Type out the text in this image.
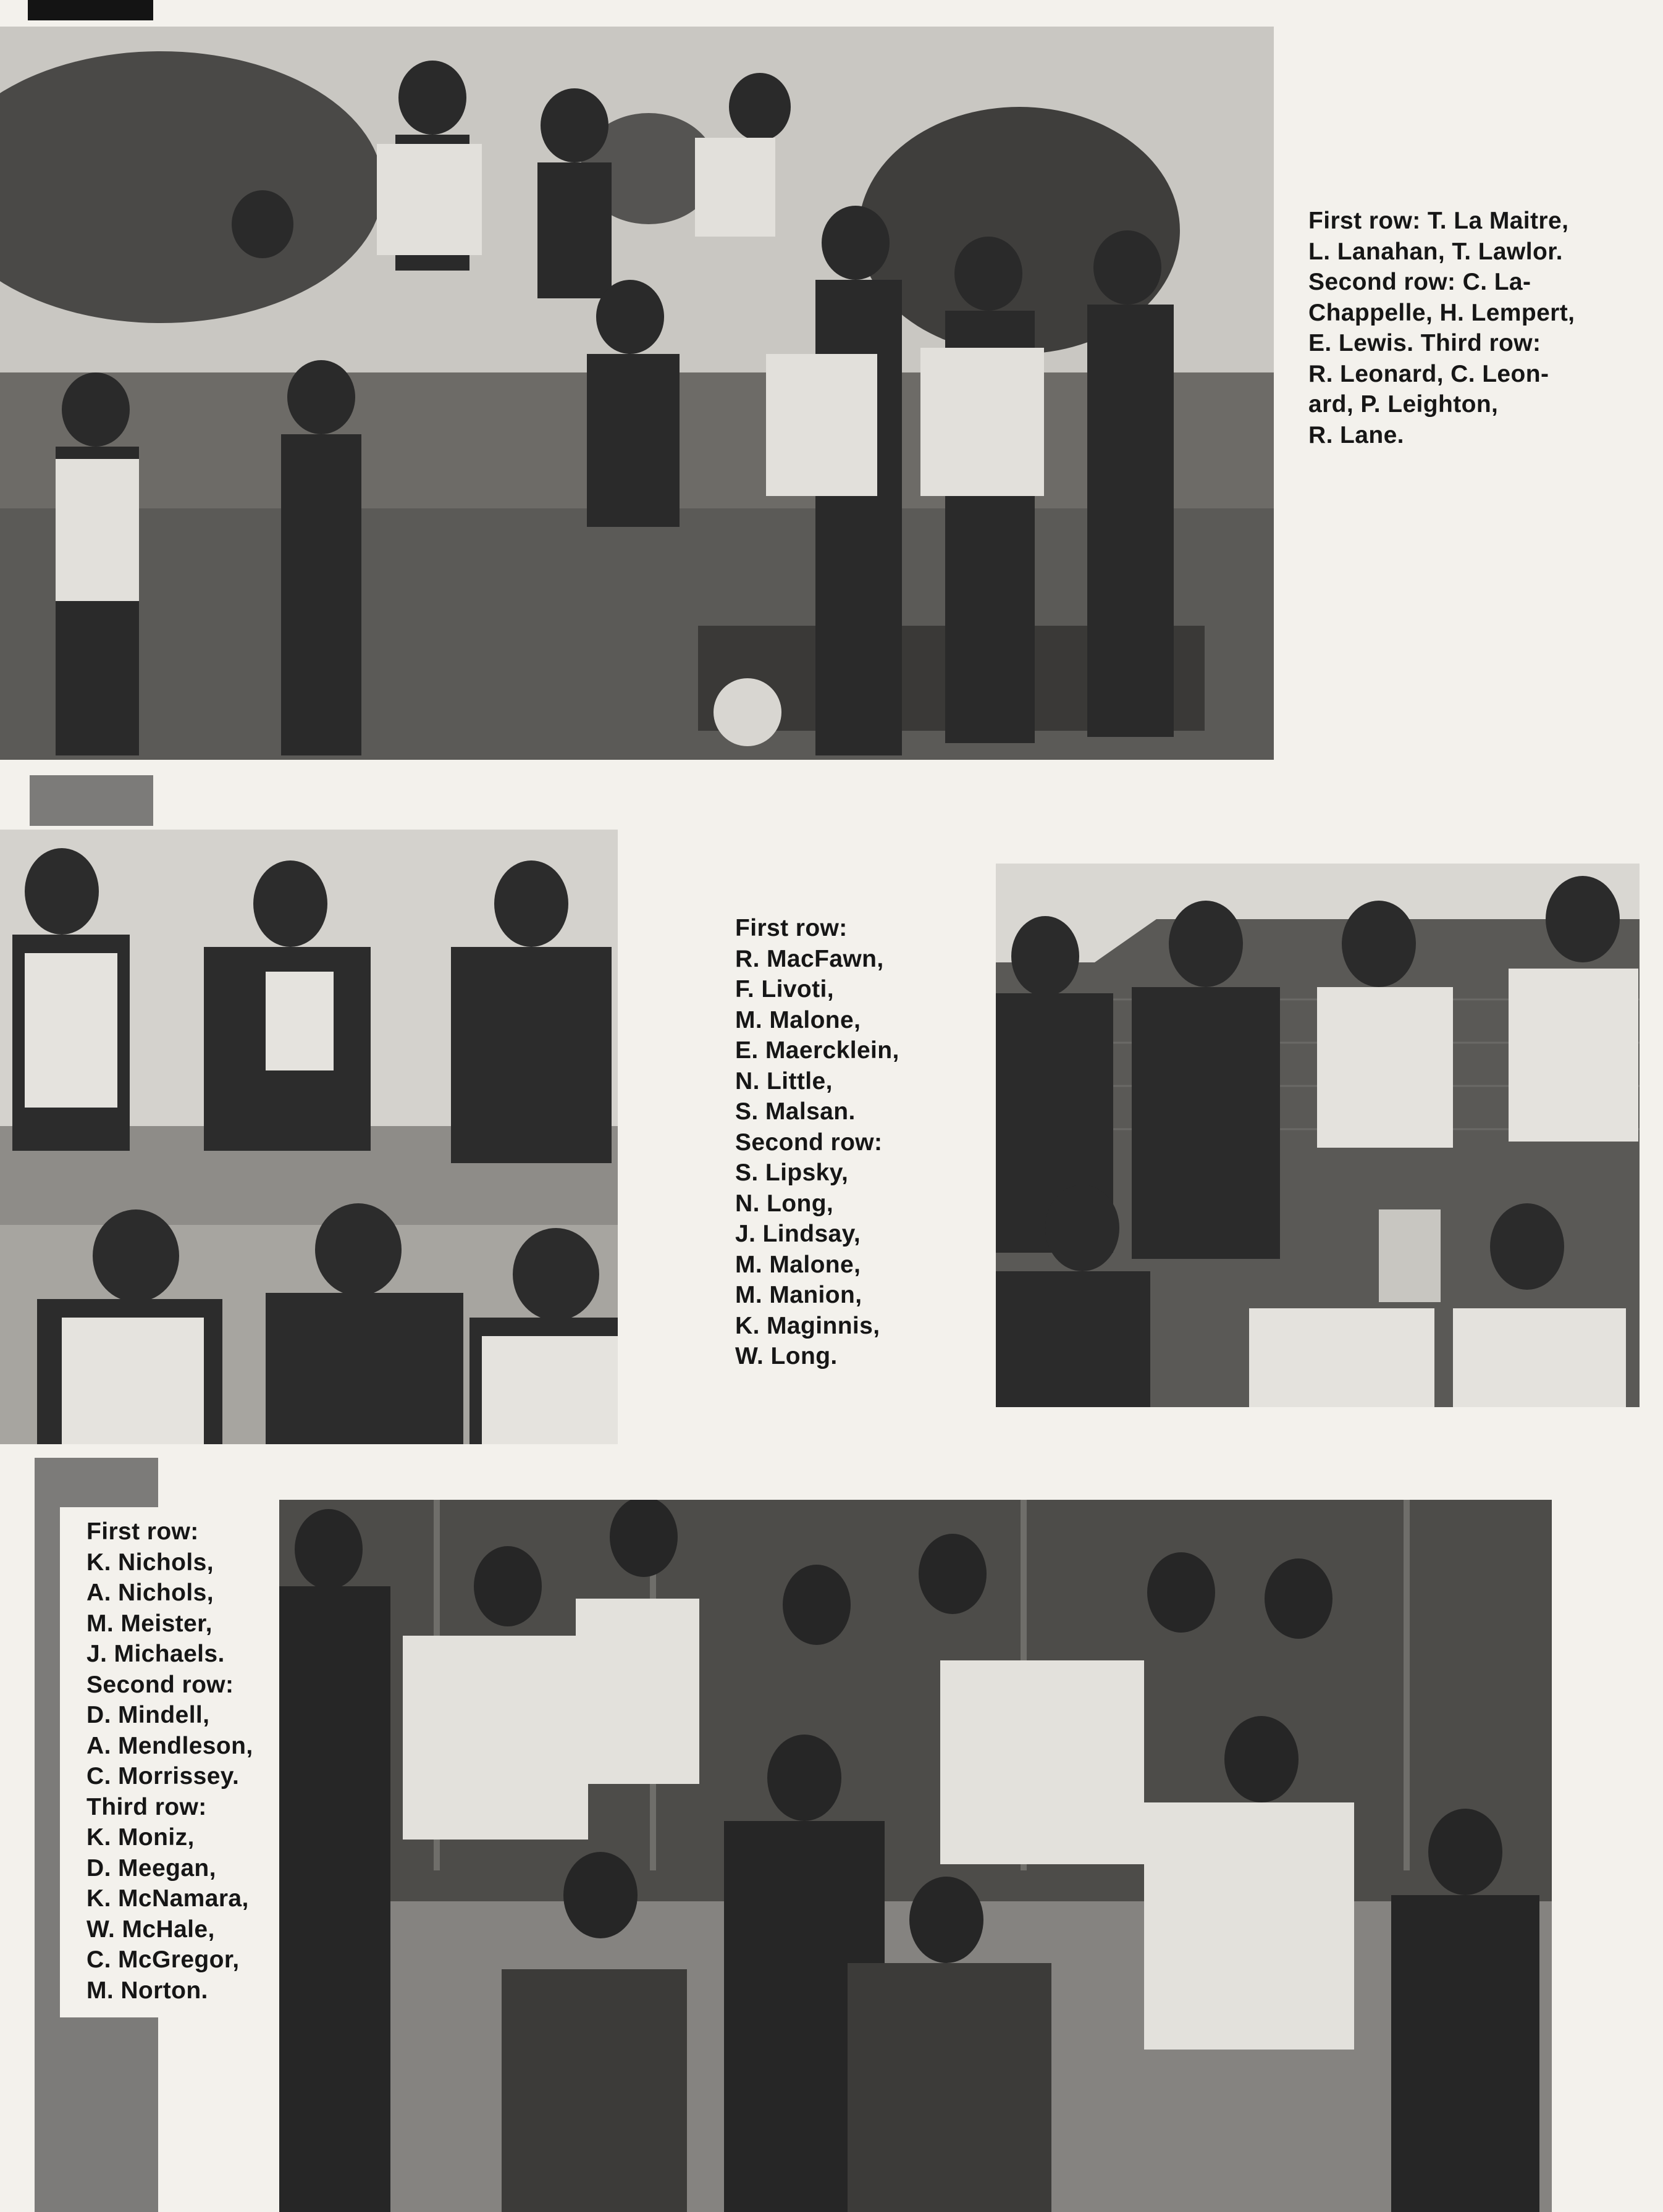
First row: T. La Maitre,
L. Lanahan, T. Lawlor.
Second row: C. La-
Chappelle, H. Lempert,
E. Lewis. Third row:
R. Leonard, C. Leon-
ard, P. Leighton,
R. Lane.
First row:
R. MacFawn,
F. Livoti,
M. Malone,
E. Maercklein,
N. Little,
S. Malsan.
Second row:
S. Lipsky,
N. Long,
J. Lindsay,
M. Malone,
M. Manion,
K. Maginnis,
W. Long.
First row:
K. Nichols,
A. Nichols,
M. Meister,
J. Michaels.
Second row:
D. Mindell,
A. Mendleson,
C. Morrissey.
Third row:
K. Moniz,
D. Meegan,
K. McNamara,
W. McHale,
C. McGregor,
M. Norton.
